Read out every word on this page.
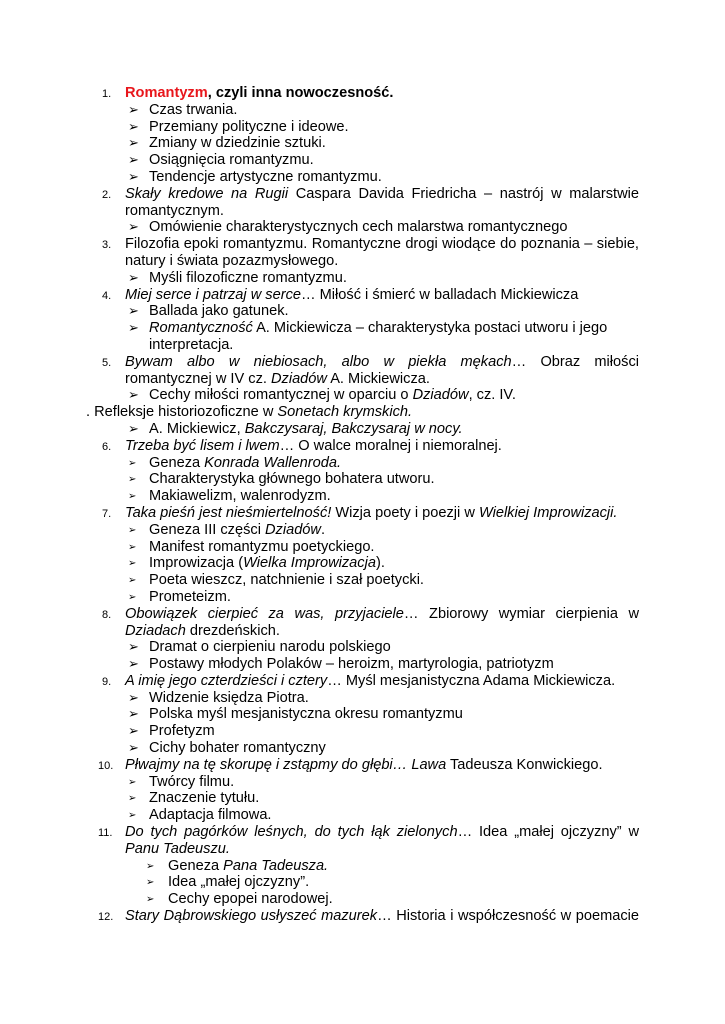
1. Romantyzm, czyli inna nowoczesność.
➢ Czas trwania.
➢ Przemiany polityczne i ideowe.
➢ Zmiany w dziedzinie sztuki.
➢ Osiągnięcia romantyzmu.
➢ Tendencje artystyczne romantyzmu.
2. Skały kredowe na Rugii Caspara Davida Friedricha – nastrój w malarstwie
romantycznym.
➢ Omówienie charakterystycznych cech malarstwa romantycznego
3. Filozofia epoki romantyzmu. Romantyczne drogi wiodące do poznania – siebie,
natury i świata pozazmysłowego.
➢ Myśli filozoficzne romantyzmu.
4. Miej serce i patrzaj w serce… Miłość i śmierć w balladach Mickiewicza
➢ Ballada jako gatunek.
➢ Romantyczność A. Mickiewicza – charakterystyka postaci utworu i jego
interpretacja.
5. Bywam albo w niebiosach, albo w piekła mękach… Obraz miłości
romantycznej w IV cz. Dziadów A. Mickiewicza.
➢ Cechy miłości romantycznej w oparciu o Dziadów, cz. IV.
. Refleksje historiozoficzne w Sonetach krymskich.
➢ A. Mickiewicz, Bakczysaraj, Bakczysaraj w nocy.
6. Trzeba być lisem i lwem… O walce moralnej i niemoralnej.
➢ Geneza Konrada Wallenroda.
➢ Charakterystyka głównego bohatera utworu.
➢ Makiawelizm, walenrodyzm.
7. Taka pieśń jest nieśmiertelność! Wizja poety i poezji w Wielkiej Improwizacji.
➢ Geneza III części Dziadów.
➢ Manifest romantyzmu poetyckiego.
➢ Improwizacja (Wielka Improwizacja).
➢ Poeta wieszcz, natchnienie i szał poetycki.
➢ Prometeizm.
8. Obowiązek cierpieć za was, przyjaciele… Zbiorowy wymiar cierpienia w
Dziadach drezdeńskich.
➢ Dramat o cierpieniu narodu polskiego
➢ Postawy młodych Polaków – heroizm, martyrologia, patriotyzm
9. A imię jego czterdzieści i cztery… Myśl mesjanistyczna Adama Mickiewicza.
➢ Widzenie księdza Piotra.
➢ Polska myśl mesjanistyczna okresu romantyzmu
➢ Profetyzm
➢ Cichy bohater romantyczny
10. Płwajmy na tę skorupę i zstąpmy do głębi… Lawa Tadeusza Konwickiego.
➢ Twórcy filmu.
➢ Znaczenie tytułu.
➢ Adaptacja filmowa.
11. Do tych pagórków leśnych, do tych łąk zielonych… Idea „małej ojczyzny” w
Panu Tadeuszu.
➢ Geneza Pana Tadeusza.
➢ Idea „małej ojczyzny”.
➢ Cechy epopei narodowej.
12. Stary Dąbrowskiego usłyszeć mazurek… Historia i współczesność w poemacie
